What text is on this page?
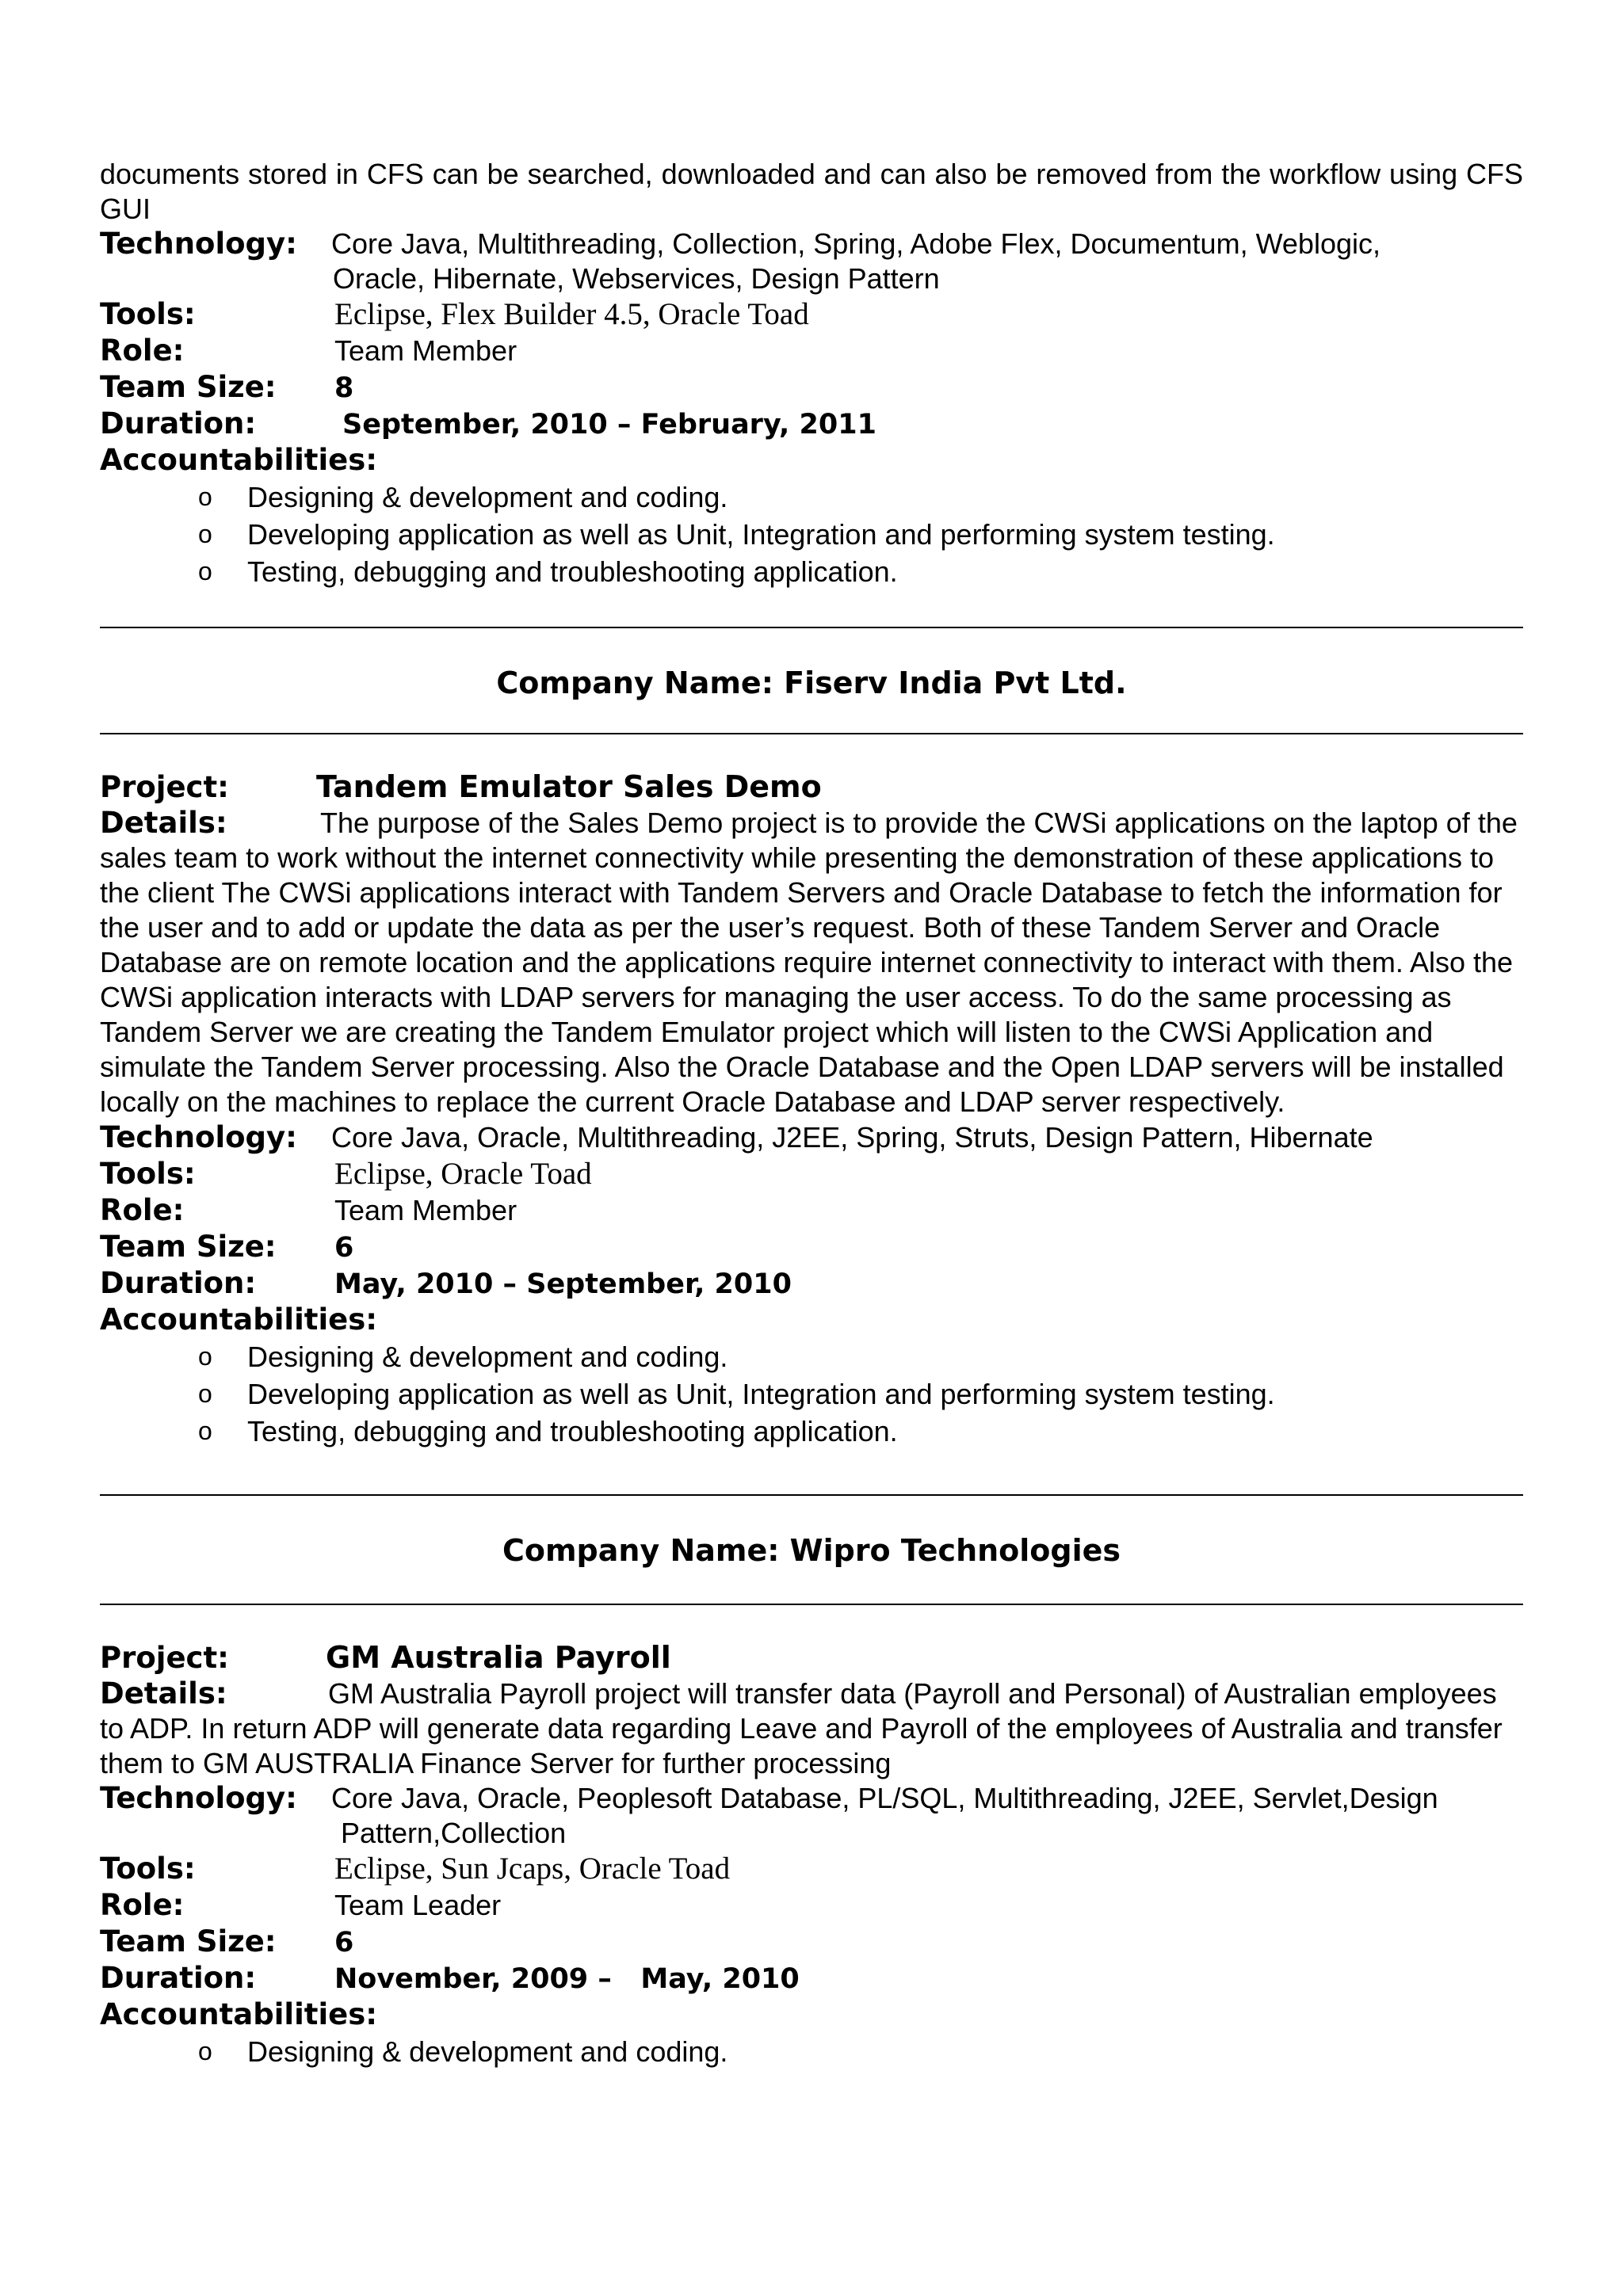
documents stored in CFS can be searched, downloaded and can also be removed from the workflow using CFS GUI

Technology:	Core Java, Multithreading, Collection, Spring, Adobe Flex, Documentum, Weblogic,
Oracle, Hibernate, Webservices, Design Pattern
Tools:	Eclipse, Flex Builder 4.5, Oracle Toad
Role:	Team Member
Team Size:	8
Duration:	September, 2010 – February, 2011
Accountabilities:
o	Designing & development and coding.
o	Developing application as well as Unit, Integration and performing system testing.
o	Testing, debugging and troubleshooting application.
Company Name: Fiserv India Pvt Ltd.
Project:	Tandem Emulator Sales Demo

Details:	The purpose of the Sales Demo project is to provide the CWSi applications on the laptop of the sales team to work without the internet connectivity while presenting the demonstration of these applications to the client The CWSi applications interact with Tandem Servers and Oracle Database to fetch the information for the user and to add or update the data as per the user’s request. Both of these Tandem Server and Oracle Database are on remote location and the applications require internet connectivity to interact with them. Also the CWSi application interacts with LDAP servers for managing the user access. To do the same processing as Tandem Server we are creating the Tandem Emulator project which will listen to the CWSi Application and simulate the Tandem Server processing. Also the Oracle Database and the Open LDAP servers will be installed locally on the machines to replace the current Oracle Database and LDAP server respectively.

Technology:	Core Java, Oracle, Multithreading, J2EE, Spring, Struts, Design Pattern, Hibernate
Tools:	Eclipse, Oracle Toad
Role:	Team Member
Team Size:	6
Duration:	May, 2010 – September, 2010
Accountabilities:
o	Designing & development and coding.
o	Developing application as well as Unit, Integration and performing system testing.
o	Testing, debugging and troubleshooting application.
Company Name: Wipro Technologies
Project:	GM Australia Payroll

Details:	GM Australia Payroll project will transfer data (Payroll and Personal) of Australian employees to ADP. In return ADP will generate data regarding Leave and Payroll of the employees of Australia and transfer them to GM AUSTRALIA Finance Server for further processing

Technology:	Core Java, Oracle, Peoplesoft Database, PL/SQL, Multithreading, J2EE, Servlet,Design
Pattern,Collection
Tools:	Eclipse, Sun Jcaps, Oracle Toad
Role:	Team Leader
Team Size:	6
Duration:	November, 2009 –   May, 2010
Accountabilities:
o	Designing & development and coding.
